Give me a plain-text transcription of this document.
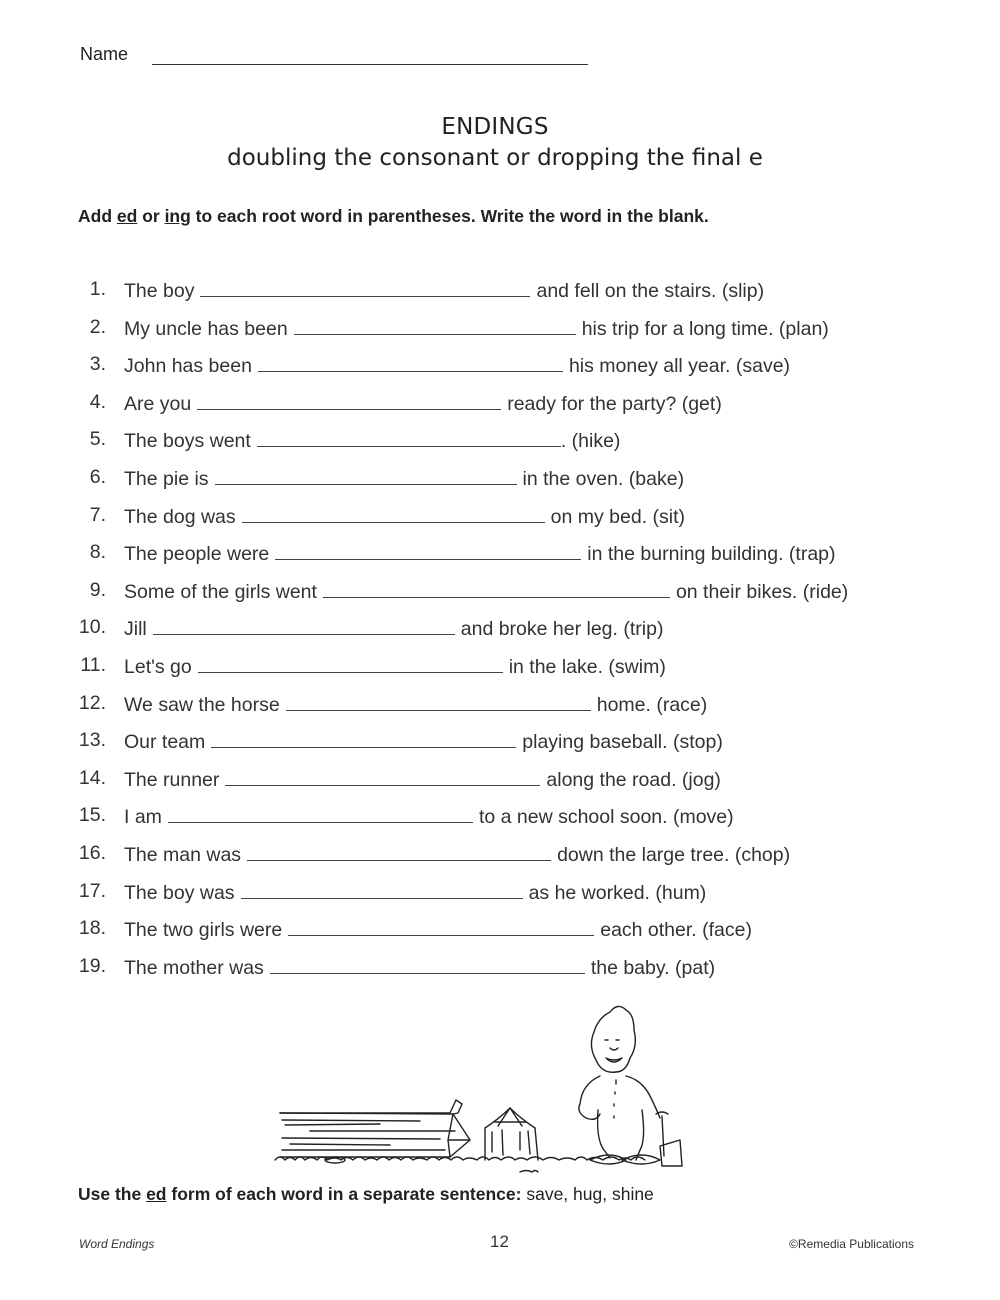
Name
ENDINGS
doubling the consonant or dropping the final e
Add ed or ing to each root word in parentheses. Write the word in the blank.
1. The boy	and fell on the stairs. (slip)
2. My uncle has been	his trip for a long time. (plan)
3. John has been	his money all year. (save)
4. Are you	ready for the party? (get)
5. The boys went	. (hike)
6. The pie is	in the oven. (bake)
7. The dog was	on my bed. (sit)
8. The people were	in the burning building. (trap)
9. Some of the girls went	on their bikes. (ride)
10. Jill	and broke her leg. (trip)
11. Let's go	in the lake. (swim)
12. We saw the horse	home. (race)
13. Our team	playing baseball. (stop)
14. The runner	along the road. (jog)
15. I am	to a new school soon. (move)
16. The man was	down the large tree. (chop)
17. The boy was	as he worked. (hum)
18. The two girls were	each other. (face)
19. The mother was	the baby. (pat)
Use the ed form of each word in a separate sentence: save, hug, shine
Word Endings	12	©Remedia Publications
